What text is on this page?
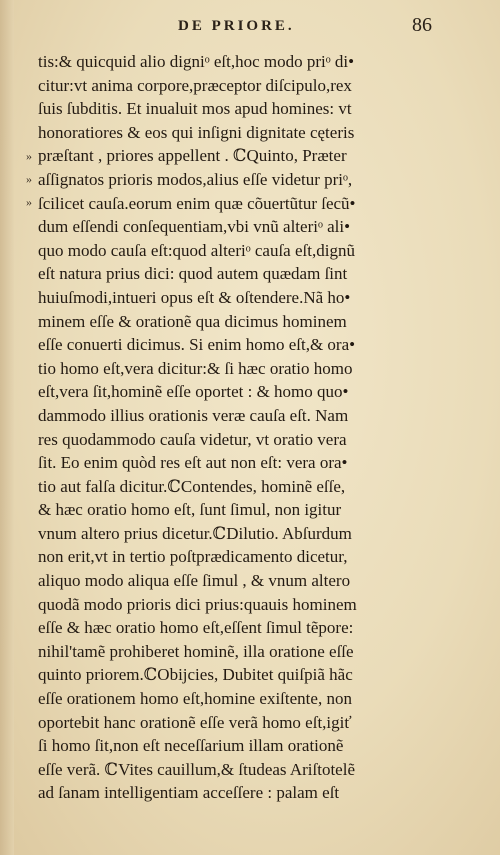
DE PRIORE.	86
»
»
»
tis:& quicquid alio digniᵒ eſt,hoc modo priᵒ di•
citur:vt anima corpore,præceptor diſcipulo,rex
ſuis ſubditis. Et inualuit mos apud homines: vt
honoratiores & eos qui inſigni dignitate cęteris
præſtant , priores appellent . ℂQuinto, Præter
aſſignatos prioris modos,alius eſſe videtur priᵒ,
ſcilicet cauſa.eorum enim quæ cõuertũtur ſecũ•
dum eſſendi conſequentiam,vbi vnũ alteriᵒ ali•
quo modo cauſa eſt:quod alteriᵒ cauſa eſt,dignũ
eſt natura prius dici: quod autem quædam ſint
huiuſmodi,intueri opus eſt & oſtendere.Nã ho•
minem eſſe & orationẽ qua dicimus hominem
eſſe conuerti dicimus. Si enim homo eſt,& ora•
tio homo eſt,vera dicitur:& ſi hæc oratio homo
eſt,vera ſit,hominẽ eſſe oportet : & homo quo•
dammodo illius orationis veræ cauſa eſt. Nam
res quodammodo cauſa videtur, vt oratio vera
ſit. Eo enim quòd res eſt aut non eſt: vera ora•
tio aut falſa dicitur.ℂContendes, hominẽ eſſe,
& hæc oratio homo eſt, ſunt ſimul, non igitur
vnum altero prius dicetur.ℂDilutio. Abſurdum
non erit,vt in tertio poſtprædicamento dicetur,
aliquo modo aliqua eſſe ſimul , & vnum altero
quodã modo prioris dici prius:quauis hominem
eſſe & hæc oratio homo eſt,eſſent ſimul tẽpore:
nihil'tamẽ prohiberet hominẽ, illa oratione eſſe
quinto priorem.ℂObijcies, Dubitet quiſpiã hãc
eſſe orationem homo eſt,homine exiſtente, non
oportebit hanc orationẽ eſſe verã homo eſt,igiť
ſi homo ſit,non eſt neceſſarium illam orationẽ
eſſe verã. ℂVites cauillum,& ſtudeas Ariſtotelẽ
ad ſanam intelligentiam acceſſere : palam eſt
